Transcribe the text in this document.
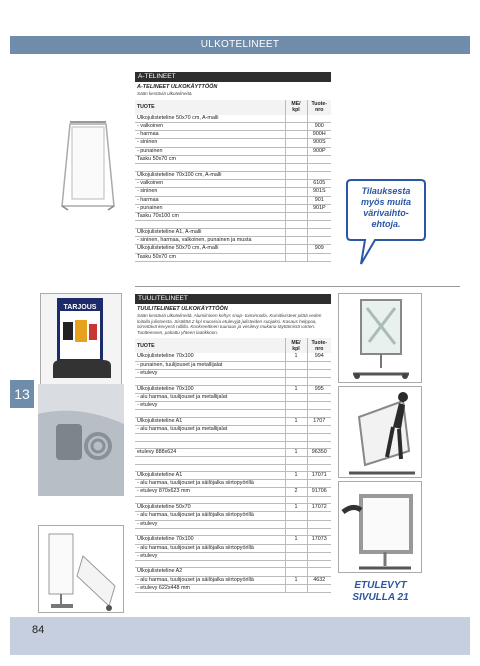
ULKOTELINEET
A-TELINEET
A-TELINEET ULKOKÄYTTÖÖN
Sään kestäviä ulkotelineitä.
TUOTE	ME/ kpl	Tuote- nro
Ulkojulisteteline 50x70 cm, A-malli		
- valkoinen		900
- harmaa		900H
- sininen		900S
- punainen		900P
Tasku 50x70 cm		

Ulkojulisteteline 70x100 cm, A-malli		
- valkoinen		6105
- sininen		901S
- harmaa		901
- punainen		901P
Tasku 70x100 cm		

Ulkojulisteteline A1, A-malli		
- sininen, harmaa, valkoinen, punainen ja musta		
Ulkojulisteteline 50x70 cm, A-malli		909
Tasku 50x70 cm		
Tilauksesta
myös muita
värivaihto-
ehtoja.
TARJOUS
13
TUULITELINEET
TUULITELINEET ULKOKÄYTTÖÖN
Sään kestäviä ulkotelineitä. Alumiininen kehys snap- toiminnolla. Kumitiivisteet pitää veden loitolla julisteesta. Sisältää 2 kpl muovisia etulevyjä julisteiden suojaksi. Kasaus helppoa, siirrettävä kevyesti rullilla. Konkreettinen tuunaus ja vesilevy mukana täyttämistä varten. Tuotteeseen, pakattu yhteen laatikkoon.
TUOTE	ME/ kpl	Tuote- nro
Ulkojulisteteline 70x100	1	994
- punainen, tuulijouset ja metallijalat		
- etulevy		

Ulkojulisteteline 70x100	1	995
- alu harmaa, tuulijouset ja metallijalat		
- etulevy		

Ulkojulisteteline A1	1	1707
- alu harmaa, tuulijouset ja metallijalat		

etulevy 888x624	1	96350

Ulkojulisteteline A1	1	17071
- alu harmaa, tuulijouset ja säilöjalka siirtopyörillä		
- etulevy 870x623 mm	2	91706

Ulkojulisteteline 50x70	1	17072
- alu harmaa, tuulijouset ja säilöjalka siirtopyörillä		
- etulevy		

Ulkojulisteteline 70x100	1	17073
- alu harmaa, tuulijouset ja säilöjalka siirtopyörillä		
- etulevy		

Ulkojulisteteline A2		
- alu harmaa, tuulijouset ja säilöjalka siirtopyörillä	1	4632
- etulevy 622x448 mm			ETULEVYT
SIVULLA 21
84
